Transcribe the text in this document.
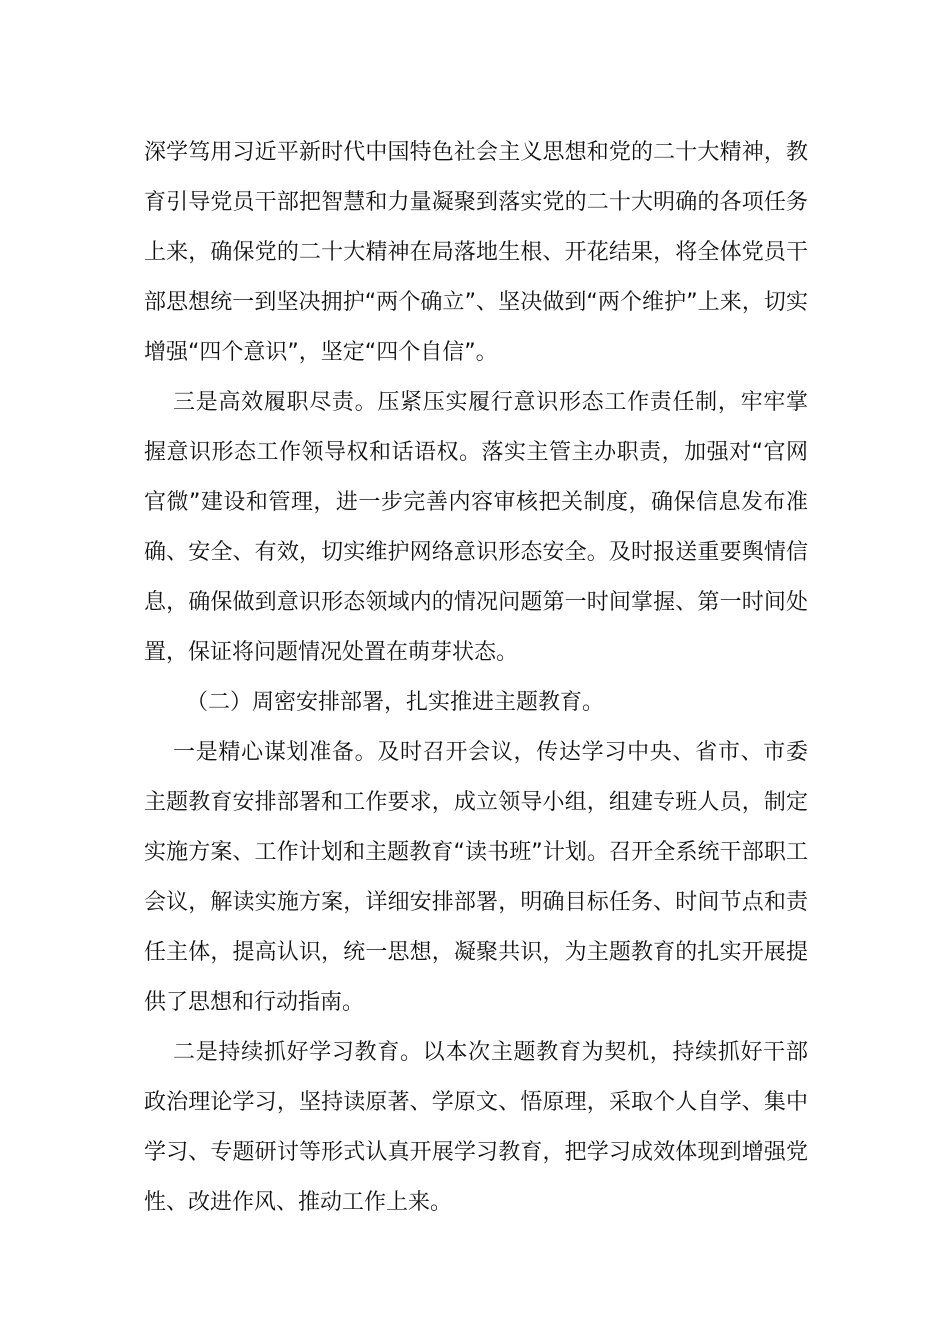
深学笃用习近平新时代中国特色社会主义思想和党的二十大精神，教育引导党员干部把智慧和力量凝聚到落实党的二十大明确的各项任务上来，确保党的二十大精神在局落地生根、开花结果，将全体党员干部思想统一到坚决拥护“两个确立”、坚决做到“两个维护”上来，切实增强“四个意识”，坚定“四个自信”。

三是高效履职尽责。压紧压实履行意识形态工作责任制，牢牢掌握意识形态工作领导权和话语权。落实主管主办职责，加强对“官网官微”建设和管理，进一步完善内容审核把关制度，确保信息发布准确、安全、有效，切实维护网络意识形态安全。及时报送重要舆情信息，确保做到意识形态领域内的情况问题第一时间掌握、第一时间处置，保证将问题情况处置在萌芽状态。

（二）周密安排部署，扎实推进主题教育。

一是精心谋划准备。及时召开会议，传达学习中央、省市、市委主题教育安排部署和工作要求，成立领导小组，组建专班人员，制定实施方案、工作计划和主题教育“读书班”计划。召开全系统干部职工会议，解读实施方案，详细安排部署，明确目标任务、时间节点和责任主体，提高认识，统一思想，凝聚共识，为主题教育的扎实开展提供了思想和行动指南。

二是持续抓好学习教育。以本次主题教育为契机，持续抓好干部政治理论学习，坚持读原著、学原文、悟原理，采取个人自学、集中学习、专题研讨等形式认真开展学习教育，把学习成效体现到增强党性、改进作风、推动工作上来。
